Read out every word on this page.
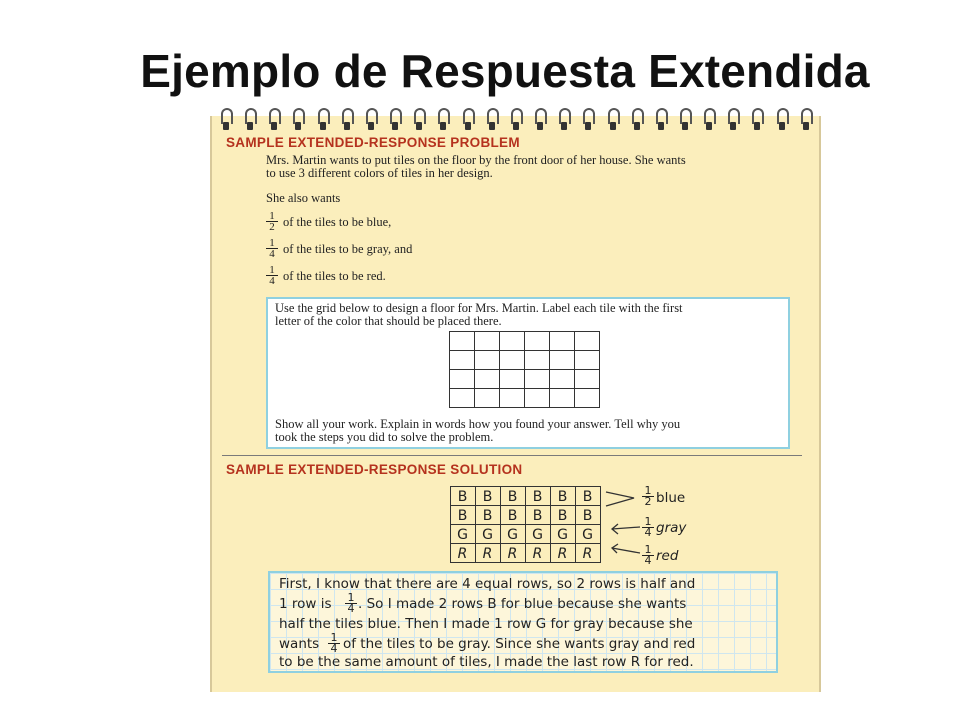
Ejemplo de Respuesta Extendida
SAMPLE EXTENDED-RESPONSE PROBLEM
Mrs. Martin wants to put tiles on the floor by the front door of her house. She wants
to use 3 different colors of tiles in her design.
She also wants
$\frac{1}{2}$ of the tiles to be blue,
$\frac{1}{4}$ of the tiles to be gray, and
$\frac{1}{4}$ of the tiles to be red.
Use the grid below to design a floor for Mrs. Martin. Label each tile with the first
letter of the color that should be placed there.
Show all your work. Explain in words how you found your answer. Tell why you
took the steps you did to solve the problem.
SAMPLE EXTENDED-RESPONSE SOLUTION
B B B B B B
B B B B B B
G G G G G G
R R R R R R
$\frac{1}{2}$ blue
$\frac{1}{4}$ gray
$\frac{1}{4}$ red
First, I know that there are 4 equal rows, so 2 rows is half and
1 row is $\frac{1}{4}$ . So I made 2 rows B for blue because she wants
half the tiles blue. Then I made 1 row G for gray because she
wants $\frac{1}{4}$ of the tiles to be gray. Since she wants gray and red
to be the same amount of tiles, I made the last row R for red.
